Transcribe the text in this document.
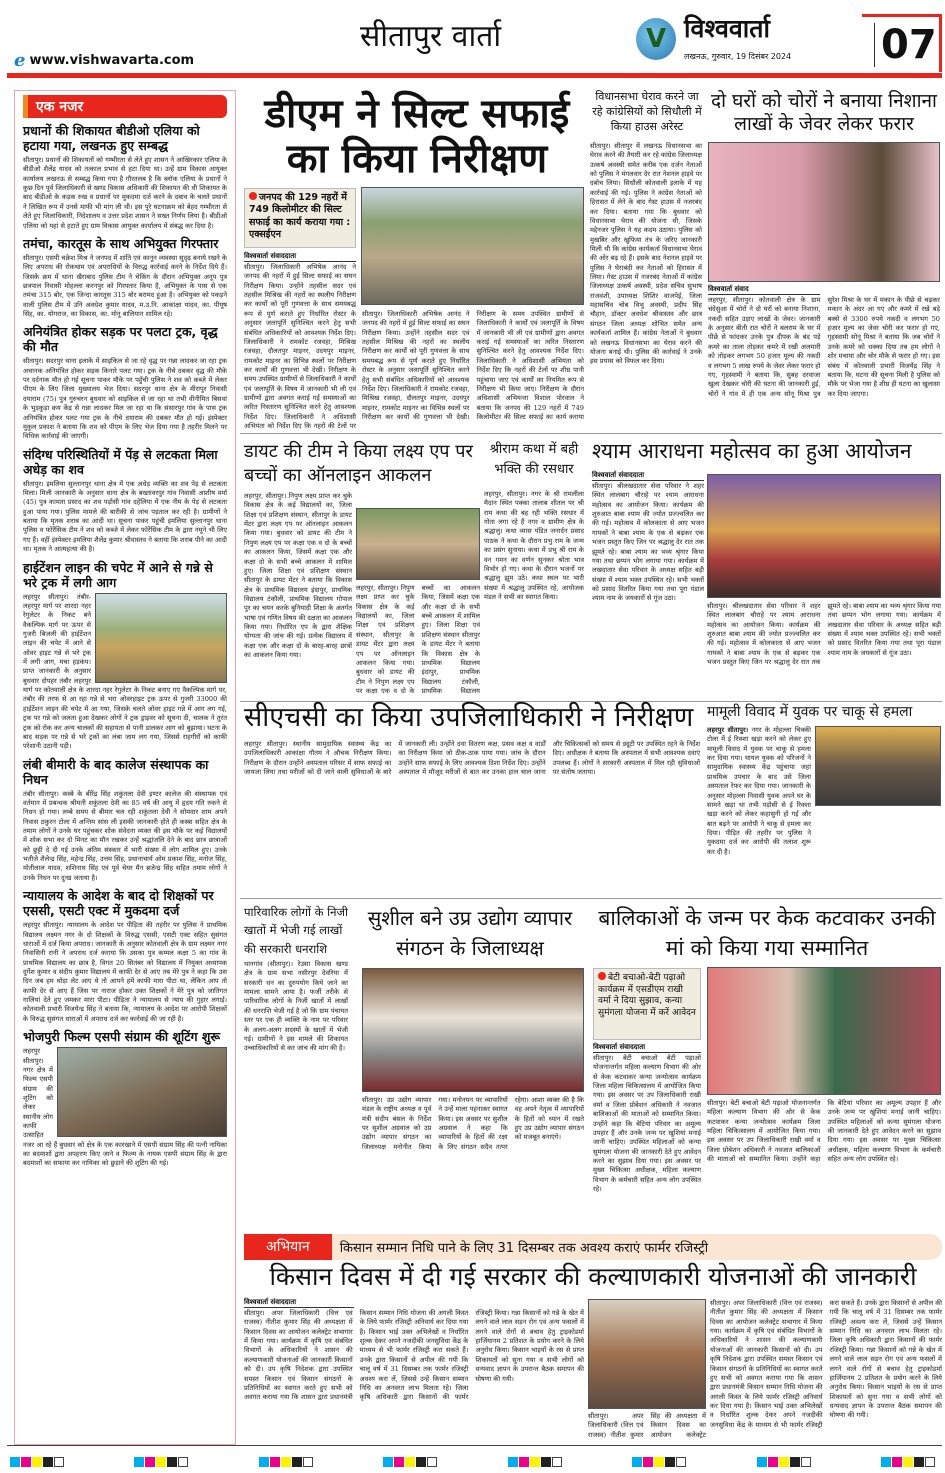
e www.vishwavarta.com
सीतापुर वार्ता	V विश्ववार्ता
लखनऊ, गुरुवार, 19 दिसंबर 2024 07
एक नजर
प्रधानों की शिकायत बीडीओ एलिया को हटाया गया, लखनऊ हुए सम्बद्ध
सीतापुर। प्रधानों की शिकायतों को गम्भीरता से लेते हुए शासन ने आखिरकार एलिया के बीडीओ शैलेंद्र यादव को तत्काल प्रभाव से हटा दिया था। उन्हें ग्राम विकास आयुक्त कार्यालय लखनऊ से सम्बद्ध किया गया है गौरतलब है कि ब्लॉक एलिया के प्रधानों ने कुछ दिन पूर्व जिलाधिकारी से खण्ड विकास अधिकारी की शिकायत की थी शिकायत के बाद बीडीओ के कड़क रुख व प्रधानों पर मुकदमा दर्ज करने के दबाव के चलते प्रधानों ने लिखित रूप में उनसे माफी भी मांग ली थी। इस पूरे घटनाक्रम को बेहद गम्भीरता से लेते हुए जिलाधिकारी, निदेशालय व उत्तर प्रदेश शासन ने सख्त निर्णय लिया है। बीडीओ एलिया को यहां से हटाते हुए ग्राम विकास आयुक्त कार्यालय में संबद्ध कर दिया है।
तमंचा, कारतूस के साथ अभियुक्त गिरफ्तार
सीतापुर। एसपी चक्रेश मिश्र ने जनपद में शांति एवं कानून व्यवस्था सुदृढ़ बनाये रखने के लिए अपराध की रोकथाम एवं अपराधियों के विरुद्ध कार्रवाई करने के निर्देश दिये हैं। जिसके क्रम में थाना खैराबाद पुलिस टीम ने चेकिंग के दौरान अभियुक्त अनूप पुत्र छत्रपाल निवासी मोहल्ला करनपुर को गिरफ्तार किया है, अभियुक्त के पास से एक तमंचा 315 बोर, एक जिन्दा कारतूस 315 बोर बरामद हुआ है। अभियुक्त को पकड़ने वाली पुलिस टीम में उनि अवधेश कुमार यादव, म.उ.नि. आकांक्षा यादव, का. पीयूष सिंह, का. योगराज, का विकास, का. मोनू बालियान शामिल रहे।
अनियंत्रित होकर सड़क पर पलटा ट्रक, वृद्ध की मौत
सीतापुर। सदरपुर थाना इलाके में साइकिल से जा रहे वृद्ध पर गन्ना लादकर जा रहा ट्रक अचानक अनियंत्रित होकर सड़क किनारे पलट गया। ट्रक के नीचे दबकर वृद्ध की मौके पर दर्दनाक मौत हो गई सूचना पाकर मौके पर पहुँची पुलिस ने शव को कब्जे में लेकर पीएम के लिए जिला मुख्यालय भेज दिया। सदरपुर थाना क्षेत्र के मीरापुर निवासी दयाराम (75) पुत्र गुरुचरन बुधवार को साइकिल से जा रहा था तभी वीनीमित बिसवां के भुड़कुड़ा क्रय केंद्र से गन्ना लादकर मिल जा रहा था कि संसारपुर गांव के पास ट्रक अनियंत्रित होकर पलट गया ट्रक के नीचे दयाराम की दबकर मौत हो गई। इंस्पेक्टर मुकुल प्रकाश ने बताया कि शव को पीएम के लिए भेज दिया गया है तहरीर मिलने पर विधिक कार्रवाई की जाएगी।
संदिग्ध परिस्थितियों में पेंड़ से लटकता मिला अधेड़ का शव
सीतापुर। इमलिया सुल्तानपुर थाना क्षेत्र में एक अधेड़ व्यक्ति का शव पेड़ से लटकता मिला। मिली जानकारी के अनुसार थाना क्षेत्र के बख्तावरपुर गांव निवासी आशीष वर्मा (45) पुत्र कामता प्रसाद का शव पड़ोसी गांव दहेलिया में एक नीम के पेड़ से लटकता हुआ पाया गया। पुलिस मामले की बारीकी से जांच पड़ताल कर रही है। ग्रामीणों ने बताया कि मृतक शराब का आदी था। सूचना पाकर पहुंची इमलिया सुल्तानपुर थाना पुलिस व फोरेंसिक टीम ने शव को कब्जे में लेकर फोरेंसिक टीम के द्वारा नमूने भी लिए गए हैं। वहीं इंस्पेक्टर इमलिया शैलेंद्र कुमार श्रीवास्तव ने बताया कि शराब पीने का आदी था। मृतक ने आत्महत्या की है।
हाईटेंशन लाइन की चपेट में आने से गन्ने से भरे ट्रक में लगी आग
लहरपुर सीतापुर। तंबौर-लहरपुर मार्ग पर शारदा नहर रेगुलेटर के निकट बने वैकल्पिक मार्ग पर ऊपर से गुजरी बिजली की हाईटेंशन लाइन की चपेट में आने से ओवर हाइट गन्ने से भरे ट्रक में लगी आग, मचा हड़कंप। प्राप्त जानकारी के अनुसार बुधवार दोपहर तंबौर लहरपुर मार्ग पर कोतवाली क्षेत्र के शारदा नहर रेगुलेटर के निकट बनाए गए वैकल्पिक मार्ग पर, तंबौर की तरफ से आ रहा गन्ने से भरा ओवरहाइट ट्रक ऊपर से गुजरी 33000 की हाईटेंशन लाइन की चपेट में आ गया, जिसके चलते ओवर हाइट गन्ने में आग लग गई, ट्रक पर गन्ने को जलता हुआ देखकर लोगों ने ट्रक ड्राइवर को सूचना दी, चालक ने तुरंत ट्रक को रोक कर अन्य चालकों की सहायता से पानी डालकर आग को बुझाया। घटना के बाद सड़क पर गन्ने से भरे ट्रकों का लंबा जाम लग गया, जिससे राहगीरों को काफी परेशानी उठानी पड़ी।
लंबी बीमारी के बाद कालेज संस्थापक का निधन
तंबौर सीतापुर। कस्बे के बीरेंद्र सिंह शकुंतला देवी इण्टर कालेज की संस्थापक एवं वर्तमान में प्रबन्धक श्रीमती शकुंतला देवी का 85 वर्ष की आयु में हृदय गति रुकने से निधन हो गया। लम्बे समय से बीमार चल रही शकुंतला देवी ने सोमवार शाम अपने निवास ठकुरन टोला में अन्तिम सांस ली इसकी जानकारी होते ही कस्बा सहित क्षेत्र के तमाम लोगों ने उनके घर पहुंचकर शोक संवेदना व्यक्त की इस मौके पर कई विद्यालयों में शोक सभा कर दो मिनट का मौन रखकर उन्हें श्रद्धांजलि देने के बाद छात्र छात्राओं को छुट्टी दे दी गई उनके अंतिम संस्कार में भारी संख्या में लोग शामिल हुए। उनके भतीजे शैलेन्द्र सिंह, महेन्द्र सिंह, उत्तम सिंह, प्रधानाचार्य ओम प्रकाश सिंह, मनोज सिंह, मोतीलाल यादव, शशिनाथ सिंह एवं पूर्व चेयर मैन ब्रजेन्द्र सिंह सहित तमाम लोगों ने उनके निधन पर दुःख जताया है।
न्यायालय के आदेश के बाद दो शिक्षकों पर एससी, एसटी एक्ट में मुकदमा दर्ज
लहरपुर सीतापुर। न्यायालय के आदेश पर पीड़िता की तहरीर पर पुलिस ने प्राथमिक विद्यालय लक्ष्मन नगर के दो शिक्षकों के विरुद्ध एससी, एसटी एक्ट सहित सुसंगत धाराओं में दर्ज किया अपराध। जानकारी के अनुसार कोतवाली क्षेत्र के ग्राम लक्ष्मन नगर निवासिनी रानी ने अपराध दर्ज कराया कि उसका पुत्र कम्मल कक्षा 5 का गांव के प्राथमिक विद्यालय का छात्र है, विगत 20 सितंबर को विद्यालय में नियुक्त अध्यापक दुर्गेश कुमार व संदीप कुमार विद्यालय में काफी देर से आए तब मेरे पुत्र ने कहा कि उस दिन जब हम थोड़ा लेट आए थे तो आपने हमें काफी मारा पीटा था, लेकिन आप तो काफी देर से आए हैं जिस पर नाराज होकर उक्त शिक्षकों ने मेरे पुत्र को जातिगत गालियां देते हुए जमकर मारा पीटा। पीड़िता ने न्यायालय से न्याय की गुहार लगाई। कोतवाली प्रभारी विजयेन्द्र सिंह ने बताया कि, न्यायालय के आदेश पर आरोपी शिक्षकों के विरुद्ध सुसंगत धाराओं में अपराध दर्ज कर कार्रवाई की जा रही है।
भोजपुरी फिल्म एसपी संग्राम की शूटिंग शुरू
लहरपुर सीतापुर। नगर क्षेत्र में फिल्म एसपी संग्राम की शूटिंग को लेकर स्थानीय लोग काफी उत्साहित नजर आ रहे हैं बुधवार को क्षेत्र के एक कारखाने में एसपी संग्राम सिंह की पत्नी नायिका का बदमाशों द्वारा अपहरण किए जाने व फिल्म के नायक एसपी संग्राम सिंह के द्वारा बदमाशों का सफाया कर नायिका को छुड़ाने की शूटिंग की गई।
डीएम ने सिल्ट सफाई का किया निरीक्षण
जनपद की 129 नहरों में 749 किलोमीटर की सिल्ट सफाई का कार्य कराया गया : एक्सईएन
विश्ववार्ता संवाददाता
सीतापुर। जिलाधिकारी अभिषेक आनंद ने जनपद की नहरों में हुई सिल्ट सफाई का सघन निरीक्षण किया। उन्होंने तहसील सदर एवं तहसील मिश्रिख की नहरों का स्थलीय निरीक्षण कर कार्यों को पूरी गुणवत्ता के साथ समयबद्ध रूप से पूर्ण कराते हुए निर्धारित रोस्टर के अनुसार जलापूर्ति सुनिश्चित करने हेतु सभी संबंधित अधिकारियों को आवश्यक निर्देश दिए। जिलाधिकारी ने रामकोट रजवहा, मिश्रिख रजवहा, दौलतपुर माइनर, उदयपुर माइनर, रामकोट माइनर का विभिन्न स्थलों पर निरीक्षण कर कार्यों की गुणवत्ता भी देखी। निरीक्षण के समय उपस्थित ग्रामीणों से जिलाधिकारी ने कार्यों एवं जलापूर्ति के विषय में जानकारी भी ली एवं ग्रामीणों द्वारा अवगत कराई गई समस्याओं का त्वरित निस्तारण सुनिश्चित करने हेतु आवश्यक निर्देश दिए। जिलाधिकारी ने अधिशासी अभियंता को निर्देश दिए कि नहरों की टेलों पर
सीतापुर। जिलाधिकारी अभिषेक आनंद ने जनपद की नहरों में हुई सिल्ट सफाई का सघन निरीक्षण किया। उन्होंने तहसील सदर एवं तहसील मिश्रिख की नहरों का स्थलीय निरीक्षण कर कार्यों को पूरी गुणवत्ता के साथ समयबद्ध रूप से पूर्ण कराते हुए निर्धारित रोस्टर के अनुसार जलापूर्ति सुनिश्चित करने हेतु सभी संबंधित अधिकारियों को आवश्यक निर्देश दिए। जिलाधिकारी ने रामकोट रजवहा, मिश्रिख रजवहा, दौलतपुर माइनर, उदयपुर माइनर, रामकोट माइनर का विभिन्न स्थलों पर निरीक्षण कर कार्यों की गुणवत्ता भी देखी। निरीक्षण के समय उपस्थित ग्रामीणों से जिलाधिकारी ने कार्यों एवं जलापूर्ति के विषय में जानकारी भी ली एवं ग्रामीणों द्वारा अवगत कराई गई समस्याओं का त्वरित निस्तारण सुनिश्चित करने हेतु आवश्यक निर्देश दिए। जिलाधिकारी ने अधिशासी अभियंता को निर्देश दिए कि नहरों की टेलों पर शीघ्र पानी पहुंचाया जाए एवं कार्यों का नियमित रूप से निरीक्षण भी किया जाए। निरीक्षण के दौरान अधिशासी अभियन्ता विशाल पोरवाल ने बताया कि जनपद की 129 नहरों में 749 किलोमीटर की सिल्ट सफाई का कार्य कराया
विधानसभा घेराव करने जा रहे कांग्रेसियों को सिधौली में किया हाउस अरेस्ट
सीतापुर। सीतापुर में लखनऊ विधानसभा का घेराव करने की तैयारी कर रहे कांग्रेस जिलाध्यक्ष उत्कर्ष अवस्थी समेत करीब एक दर्जन नेताओं को पुलिस ने मंगलवार देर रात नेशनल हाइवे पर दबोच लिया। सिधौली कोतवाली इलाके में यह कार्रवाई की गई। पुलिस ने कांग्रेस नेताओं को हिरासत में लेने के बाद गेस्ट हाउस में नजरबंद कर दिया। बताया गया कि बुधवार को विधानसभा घेराव की योजना थी, जिसके मद्देनजर पुलिस ने यह कदम उठाया। पुलिस को मुखबिर और खुफिया तंत्र के जरिए जानकारी मिली थी कि कांग्रेस कार्यकर्ता विधानसभा घेराव की ओर बढ़ रहे हैं। इसके बाद नेशनल हाइवे पर पुलिस ने घेराबंदी कर नेताओं को हिरासत में लिया। गेस्ट हाउस में नजरबंद नेताओं में कांग्रेस जिलाध्यक्ष उत्कर्ष अवस्थी, प्रदेश सचिव सुभाष राजवंशी, उपाध्यक्ष शिशिर वाजपेई, जिला महासचिव चोब विभु अवस्थी, प्रदीप सिंह चौहान, डॉक्टर अवधेश श्रीवास्तव और छात्र संगठन जिला अध्यक्ष शोभित समेत अन्य कार्यकर्ता शामिल हैं। कांग्रेस नेताओं ने बुधवार को लखनऊ विधानसभा का घेराव करने की योजना बनाई थी। पुलिस की कार्रवाई ने उनके इस प्रयास को विफल कर दिया।
दो घरों को चोरों ने बनाया निशाना लाखों के जेवर लेकर फरार
विश्ववार्ता संवाद
लहरपुर, सीतापुर। कोतवाली क्षेत्र के ग्राम चंदेसुआ में चोरों ने दो घरों को बनाया निशाना, नकदी सहित उड़ाए लाखों के जेवर। जानकारी के अनुसार बीती रात चोरों ने बलराम के घर में पीछे से फांदकर उनके पुत्र दीपक के बंद पड़े कमरे का ताला तोड़कर कमरे में रखी अलमारी को तोड़कर लगभग 50 हजार मूल्य की नकदी व लगभग 5 लाख रुपये के जेवर लेकर फरार हो गए, गृहस्वामी ने बताया कि, सुबह दरवाजा खुला देखकर चोरी की घटना की जानकारी हुई, चोरों ने गांव में ही एक अन्य सोनू मिश्रा पुत्र सुरेश मिश्रा के घर में मकान के पीछे से चढ़कर मकान के अंदर आ गए और कमरे में रखे बड़े बक्से से 3300 रुपये नकदी व लगभग 50 हजार मूल्य का जेवर चोरी कर फरार हो गए, गृहस्वामी सोनू मिश्रा ने बताया कि जब चोरों ने उनके कमरे को धक्का दिया तब हम लोगों ने शोर मचाया और चोर मौके से फरार हो गए। इस संबंध में कोतवाली प्रभारी विजयेंद्र सिंह ने बताया कि, घटना की सूचना मिली है पुलिस को मौके पर भेजा गया है शीघ्र ही घटना का खुलासा कर दिया जाएगा।
डायट की टीम ने किया लक्ष्य एप पर बच्चों का ऑनलाइन आकलन
लहरपुर, सीतापुर। निपुण लक्ष्य प्राप्त कर चुके विकास क्षेत्र के कई विद्यालयों का, जिला शिक्षा एवं प्रशिक्षण संस्थान, सीतापुर के डायट मेंटर द्वारा लक्ष्य एप पर ऑनलाइन आकलन किया गया। बुधवार को डायट की टीम ने निपुण लक्ष्य एप पर कक्षा एक व दो के बच्चों का आकलन किया, जिसमें कक्षा एक और कक्षा दो के सभी बच्चे आकलन में शामिल हुए। जिला शिक्षा एवं प्रशिक्षण संस्थान सीतापुर के डायट मेंटर ने बताया कि विकास क्षेत्र के प्राथमिक विद्यालय इंदापुर, प्राथमिक विद्यालय टंकौली, प्राथमिक विद्यालय गोपाल पुर का चयन करके बुनियादी शिक्षा के अंतर्गत भाषा एवं गणित विषय की दक्षता का आकलन किया गया। निर्धारित एप के द्वारा शैक्षिक योग्यता की जांच की गई। प्रत्येक विद्यालय में कक्षा एक और कक्षा दो के बारह-बारह छात्रों का आकलन किया गया।
लहरपुर, सीतापुर। निपुण लक्ष्य प्राप्त कर चुके विकास क्षेत्र के कई विद्यालयों का, जिला शिक्षा एवं प्रशिक्षण संस्थान, सीतापुर के डायट मेंटर द्वारा लक्ष्य एप पर ऑनलाइन आकलन किया गया। बुधवार को डायट की टीम ने निपुण लक्ष्य एप पर कक्षा एक व दो के बच्चों का आकलन किया, जिसमें कक्षा एक और कक्षा दो के सभी बच्चे आकलन में शामिल हुए। जिला शिक्षा एवं प्रशिक्षण संस्थान सीतापुर के डायट मेंटर ने बताया कि विकास क्षेत्र के प्राथमिक विद्यालय इंदापुर, प्राथमिक विद्यालय टंकौली, प्राथमिक विद्यालय
श्रीराम कथा में बही भक्ति की रसधार
लहरपुर, सीतापुर। नगर के श्री रामलीला मैदान स्थित पक्का तालाब शीतल पर श्री राम कथा की बह रही भक्ति रसधार में गोता लगा रहे हैं नगर व ग्रामीण क्षेत्र के श्रद्धालु। कथा व्यास पंडित जनार्दन प्रसाद पाठक ने कथा के दौरान प्रभु राम के जन्म का प्रसंग सुनाया। कथा में प्रभु श्री राम के वन गमन का वर्णन सुनकर श्रोता भाव विभोर हो गए। कथा के दौरान भजनों पर श्रद्धालु झूम उठे। कथा स्थल पर भारी संख्या में श्रद्धालु उपस्थित रहे, आयोजक मंडल ने सभी का स्वागत किया।
श्याम आराधना महोत्सव का हुआ आयोजन
विश्ववार्ता संवाददाता
सीतापुर। श्रीलखदातार सेवा परिवार ने शहर स्थित लालबाग चौराहे पर श्याम आराधना महोत्सव का आयोजन किया। कार्यक्रम की शुरुआत बाबा श्याम की ज्योत प्रज्ज्वलित कर की गई। महोत्सव में कोलकाता से आए भजन गायकों ने बाबा श्याम के एक से बढ़कर एक भजन प्रस्तुत किए जिन पर श्रद्धालु देर रात तक झूमते रहे। बाबा श्याम का भव्य श्रृंगार किया गया तथा छप्पन भोग लगाया गया। कार्यक्रम में लखदातार सेवा परिवार के अध्यक्ष सहित बड़ी संख्या में श्याम भक्त उपस्थित रहे। सभी भक्तों को प्रसाद वितरित किया गया तथा पूरा पंडाल श्याम नाम के जयकारों से गूंज उठा।
सीतापुर। श्रीलखदातार सेवा परिवार ने शहर स्थित लालबाग चौराहे पर श्याम आराधना महोत्सव का आयोजन किया। कार्यक्रम की शुरुआत बाबा श्याम की ज्योत प्रज्ज्वलित कर की गई। महोत्सव में कोलकाता से आए भजन गायकों ने बाबा श्याम के एक से बढ़कर एक भजन प्रस्तुत किए जिन पर श्रद्धालु देर रात तक झूमते रहे। बाबा श्याम का भव्य श्रृंगार किया गया तथा छप्पन भोग लगाया गया। कार्यक्रम में लखदातार सेवा परिवार के अध्यक्ष सहित बड़ी संख्या में श्याम भक्त उपस्थित रहे। सभी भक्तों को प्रसाद वितरित किया गया तथा पूरा पंडाल श्याम नाम के जयकारों से गूंज उठा।
सीएचसी का किया उपजिलाधिकारी ने निरीक्षण
लहरपुर सीतापुर। स्थानीय सामुदायिक स्वास्थ्य केंद्र का उपजिलाधिकारी आकांक्षा गौतम ने औचक निरीक्षण किया। निरीक्षण के दौरान उन्होंने अस्पताल परिसर में साफ सफाई का जायजा लिया तथा मरीजों को दी जाने वाली सुविधाओं के बारे में जानकारी ली। उन्होंने दवा वितरण कक्ष, प्रसव कक्ष व वार्डों का निरीक्षण किया जो ठीक-ठाक पाया गया। जांच के दौरान उन्होंने साफ सफाई के लिए आवश्यक दिशा निर्देश दिए। उन्होंने अस्पताल में मौजूद मरीजों से बात कर उनका हाल चाल जाना और चिकित्सकों को समय से ड्यूटी पर उपस्थित रहने के निर्देश दिए। अधीक्षक ने बताया कि अस्पताल में सभी आवश्यक दवाएं उपलब्ध हैं। लोगों ने सरकारी अस्पताल में मिल रही सुविधाओं पर संतोष जताया।
मामूली विवाद में युवक पर चाकू से हमला
लहरपुर सीतापुर। नगर के मोहल्ला चिक्की टोला में ई रिक्शा खड़ा करने को लेकर हुए मामूली विवाद में युवक पर चाकू से हमला कर दिया गया। घायल युवक को परिजनों ने सामुदायिक स्वास्थ्य केंद्र पहुंचाया जहां प्राथमिक उपचार के बाद उसे जिला अस्पताल रेफर कर दिया गया। जानकारी के अनुसार मोहल्ला निवासी युवक अपने घर के सामने खड़ा था तभी पड़ोसी से ई रिक्शा खड़ा करने को लेकर कहासुनी हो गई और बात बढ़ने पर आरोपी ने चाकू से हमला कर दिया। पीड़ित की तहरीर पर पुलिस ने मुकदमा दर्ज कर आरोपी की तलाश शुरू कर दी है।
पारिवारिक लोगों के निजी खातों में भेजी गई लाखों की सरकारी धनराशि
थानगांव (सीतापुर)। रेउसा विकास खण्ड क्षेत्र के ग्राम सभा नसीरपुर देवरिया में सरकारी धन का दुरुपयोग किये जाने का मामला सामने आया है। फर्जी तरीके से पारिवारिक लोगों के निजी खातों में लाखों की धनराशि भेजी गई है जो कि ग्राम पंचायत स्तर पर एक ही व्यक्ति के नाम पर परिवार के अलग-अलग सदस्यों के खातों में भेजी गई। ग्रामीणों ने इस मामले की शिकायत उच्चाधिकारियों से कर जांच की मांग की है।
सुशील बने उप्र उद्योग व्यापार संगठन के जिलाध्यक्ष
सीतापुर। उप्र उद्योग व्यापार मंडल के राष्ट्रीय अध्यक्ष व पूर्व मंत्री संदीप बंसल के निर्देश पर सुशील अग्रवाल को उप्र उद्योग व्यापार संगठन का जिलाध्यक्ष मनोनीत किया गया। मनोनयन पर व्यापारियों ने उन्हें माला पहनाकर स्वागत किया। इस अवसर पर सुशील अग्रवाल ने कहा कि व्यापारियों के हितों की रक्षा के लिए संगठन सदैव तत्पर रहेगा। आशा व्यक्त की है कि वह अपने नेतृत्व में व्यापारियों के हितों को ध्यान में रखते हुए उप्र उद्योग व्यापार संगठन को मजबूत बनाएंगे।
बालिकाओं के जन्म पर केक कटवाकर उनकी मां को किया गया सम्मानित
बेटी बचाओ-बेटी पढ़ाओ कार्यक्रम में एसडीएम राखी वर्मा ने दिया सुझाव, कन्या सुमंगला योजना में करें आवेदन
विश्ववार्ता संवाददाता
सीतापुर। बेटी बचाओ बेटी पढ़ाओ योजनान्तर्गत महिला कल्याण विभाग की ओर से केक कटवाकर कन्या जन्मोत्सव कार्यक्रम जिला महिला चिकित्सालय में आयोजित किया गया। इस अवसर पर उप जिलाधिकारी राखी वर्मा व जिला प्रोबेशन अधिकारी ने नवजात बालिकाओं की माताओं को सम्मानित किया। उन्होंने कहा कि बेटियां परिवार का अमूल्य उपहार हैं और उनके जन्म पर खुशियां मनाई जानी चाहिए। उपस्थित महिलाओं को कन्या सुमंगला योजना की जानकारी देते हुए आवेदन करने का सुझाव दिया गया। इस अवसर पर मुख्य चिकित्सा अधीक्षक, महिला कल्याण विभाग के कर्मचारी सहित अन्य लोग उपस्थित रहे।
सीतापुर। बेटी बचाओ बेटी पढ़ाओ योजनान्तर्गत महिला कल्याण विभाग की ओर से केक कटवाकर कन्या जन्मोत्सव कार्यक्रम जिला महिला चिकित्सालय में आयोजित किया गया। इस अवसर पर उप जिलाधिकारी राखी वर्मा व जिला प्रोबेशन अधिकारी ने नवजात बालिकाओं की माताओं को सम्मानित किया। उन्होंने कहा कि बेटियां परिवार का अमूल्य उपहार हैं और उनके जन्म पर खुशियां मनाई जानी चाहिए। उपस्थित महिलाओं को कन्या सुमंगला योजना की जानकारी देते हुए आवेदन करने का सुझाव दिया गया। इस अवसर पर मुख्य चिकित्सा अधीक्षक, महिला कल्याण विभाग के कर्मचारी सहित अन्य लोग उपस्थित रहे।
अभियान	किसान सम्मान निधि पाने के लिए 31 दिसम्बर तक अवश्य कराएं फार्मर रजिस्ट्री
किसान दिवस में दी गई सरकार की कल्याणकारी योजनाओं की जानकारी
विश्ववार्ता संवाददाता
सीतापुर। अपर जिलाधिकारी (वित्त एवं राजस्व) नीतीश कुमार सिंह की अध्यक्षता में किसान दिवस का आयोजन कलेक्ट्रेट सभागार में किया गया। कार्यक्रम में कृषि एवं संबंधित विभागों के अधिकारियों ने शासन की कल्याणकारी योजनाओं की जानकारी किसानों को दी। उप कृषि निदेशक द्वारा उपस्थित समस्त किसान एवं किसान संगठनों के प्रतिनिधियों का स्वागत करते हुए सभी को अवगत कराया गया कि शासन द्वारा प्रधानमंत्री किसान सम्मान निधि योजना की अगली किस्त के लिये फार्मर रजिस्ट्री अनिवार्य कर दिया गया है। किसान भाई उक्त अभिलेखों व निर्धारित शुल्क देकर अपने नजदीकी जनसुविधा केंद्र के माध्यम से भी फार्मर रजिस्ट्री करा सकते हैं। उनके द्वारा किसानों से अपील की गयी कि चालू वर्ष में 31 दिसम्बर तक फार्मर रजिस्ट्री अवश्य करा लें, जिससे उन्हें किसान सम्मान निधि का अनवरत लाभ मिलता रहे। जिला कृषि अधिकारी द्वारा किसानों की फार्मर रजिस्ट्री किया। गन्ना किसानों को गन्ने के खेत में लगने वाले लाल सड़न रोग एवं अन्य फसलों में लगने वाले रोगों से बचाव हेतु ट्राइकोडर्मा हार्जियानम 2 प्रतिशत के प्रयोग करने के लिये अनुरोध किया। किसान भाइयों के रस से प्राप्त शिकायतों को सुना गया व सभी लोगों को धन्यवाद ज्ञापन के उपरान्त बैठक समापन की घोषणा की गयी।
सीतापुर। अपर जिलाधिकारी (वित्त एवं राजस्व) नीतीश कुमार सिंह की अध्यक्षता में किसान दिवस का आयोजन कलेक्ट्रेट
सीतापुर। अपर जिलाधिकारी (वित्त एवं राजस्व) नीतीश कुमार सिंह की अध्यक्षता में किसान दिवस का आयोजन कलेक्ट्रेट सभागार में किया गया। कार्यक्रम में कृषि एवं संबंधित विभागों के अधिकारियों ने शासन की कल्याणकारी योजनाओं की जानकारी किसानों को दी। उप कृषि निदेशक द्वारा उपस्थित समस्त किसान एवं किसान संगठनों के प्रतिनिधियों का स्वागत करते हुए सभी को अवगत कराया गया कि शासन द्वारा प्रधानमंत्री किसान सम्मान निधि योजना की अगली किस्त के लिये फार्मर रजिस्ट्री अनिवार्य कर दिया गया है। किसान भाई उक्त अभिलेखों व निर्धारित शुल्क देकर अपने नजदीकी जनसुविधा केंद्र के माध्यम से भी फार्मर रजिस्ट्री करा सकते हैं। उनके द्वारा किसानों से अपील की गयी कि चालू वर्ष में 31 दिसम्बर तक फार्मर रजिस्ट्री अवश्य करा लें, जिससे उन्हें किसान सम्मान निधि का अनवरत लाभ मिलता रहे। जिला कृषि अधिकारी द्वारा किसानों की फार्मर रजिस्ट्री किया। गन्ना किसानों को गन्ने के खेत में लगने वाले लाल सड़न रोग एवं अन्य फसलों में लगने वाले रोगों से बचाव हेतु ट्राइकोडर्मा हार्जियानम 2 प्रतिशत के प्रयोग करने के लिये अनुरोध किया। किसान भाइयों के रस से प्राप्त शिकायतों को सुना गया व सभी लोगों को धन्यवाद ज्ञापन के उपरान्त बैठक समापन की घोषणा की गयी।
